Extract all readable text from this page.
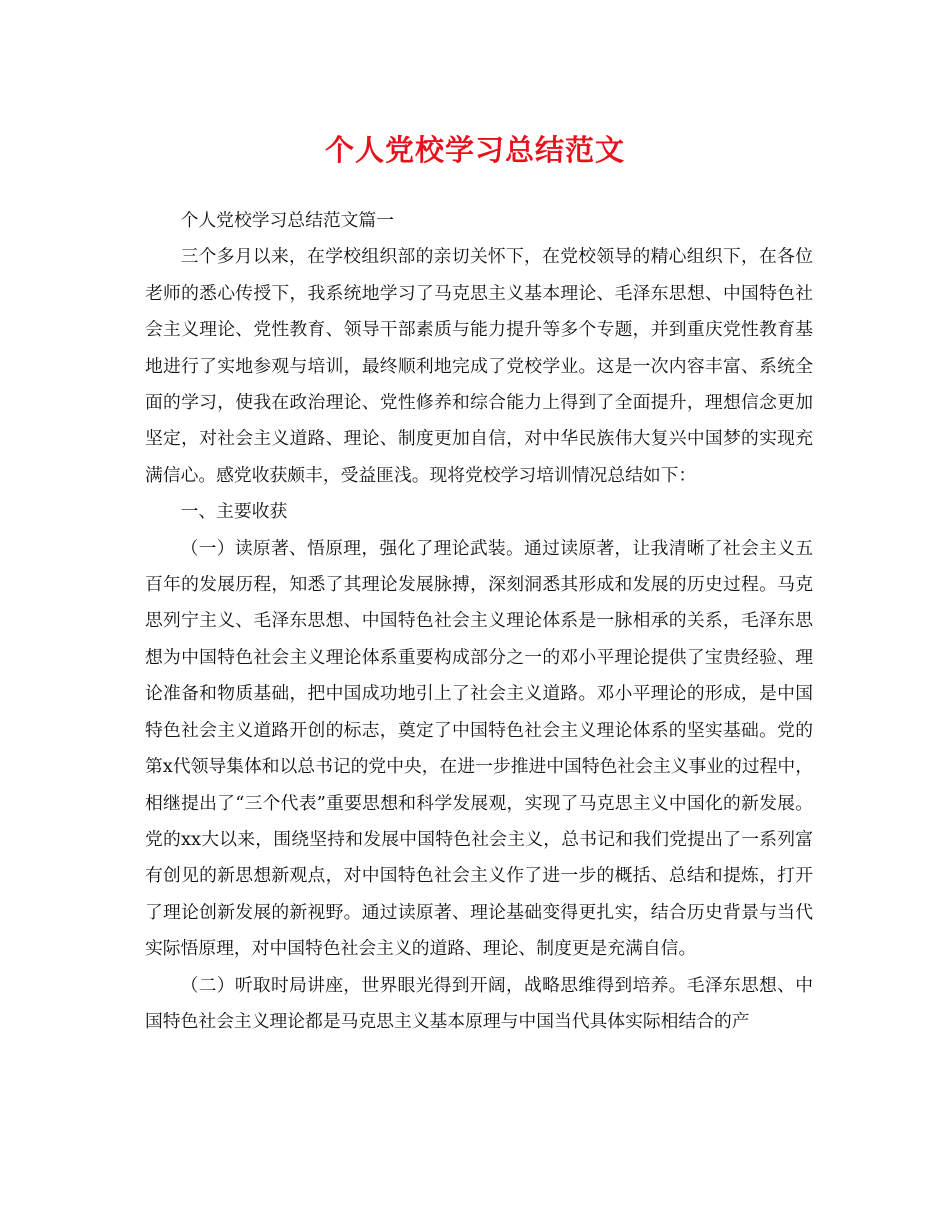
个人党校学习总结范文

个人党校学习总结范文篇一

三个多月以来，在学校组织部的亲切关怀下，在党校领导的精心组织下，在各位老师的悉心传授下，我系统地学习了马克思主义基本理论、毛泽东思想、中国特色社会主义理论、党性教育、领导干部素质与能力提升等多个专题，并到重庆党性教育基地进行了实地参观与培训，最终顺利地完成了党校学业。这是一次内容丰富、系统全面的学习，使我在政治理论、党性修养和综合能力上得到了全面提升，理想信念更加坚定，对社会主义道路、理论、制度更加自信，对中华民族伟大复兴中国梦的实现充满信心。感党收获颇丰，受益匪浅。现将党校学习培训情况总结如下：

一、主要收获

（一）读原著、悟原理，强化了理论武装。通过读原著，让我清晰了社会主义五百年的发展历程，知悉了其理论发展脉搏，深刻洞悉其形成和发展的历史过程。马克思列宁主义、毛泽东思想、中国特色社会主义理论体系是一脉相承的关系，毛泽东思想为中国特色社会主义理论体系重要构成部分之一的邓小平理论提供了宝贵经验、理论准备和物质基础，把中国成功地引上了社会主义道路。邓小平理论的形成，是中国特色社会主义道路开创的标志，奠定了中国特色社会主义理论体系的坚实基础。党的第x代领导集体和以总书记的党中央，在进一步推进中国特色社会主义事业的过程中，相继提出了“三个代表”重要思想和科学发展观，实现了马克思主义中国化的新发展。党的xx大以来，围绕坚持和发展中国特色社会主义，总书记和我们党提出了一系列富有创见的新思想新观点，对中国特色社会主义作了进一步的概括、总结和提炼，打开了理论创新发展的新视野。通过读原著、理论基础变得更扎实，结合历史背景与当代实际悟原理，对中国特色社会主义的道路、理论、制度更是充满自信。

（二）听取时局讲座，世界眼光得到开阔，战略思维得到培养。毛泽东思想、中国特色社会主义理论都是马克思主义基本原理与中国当代具体实际相结合的产
